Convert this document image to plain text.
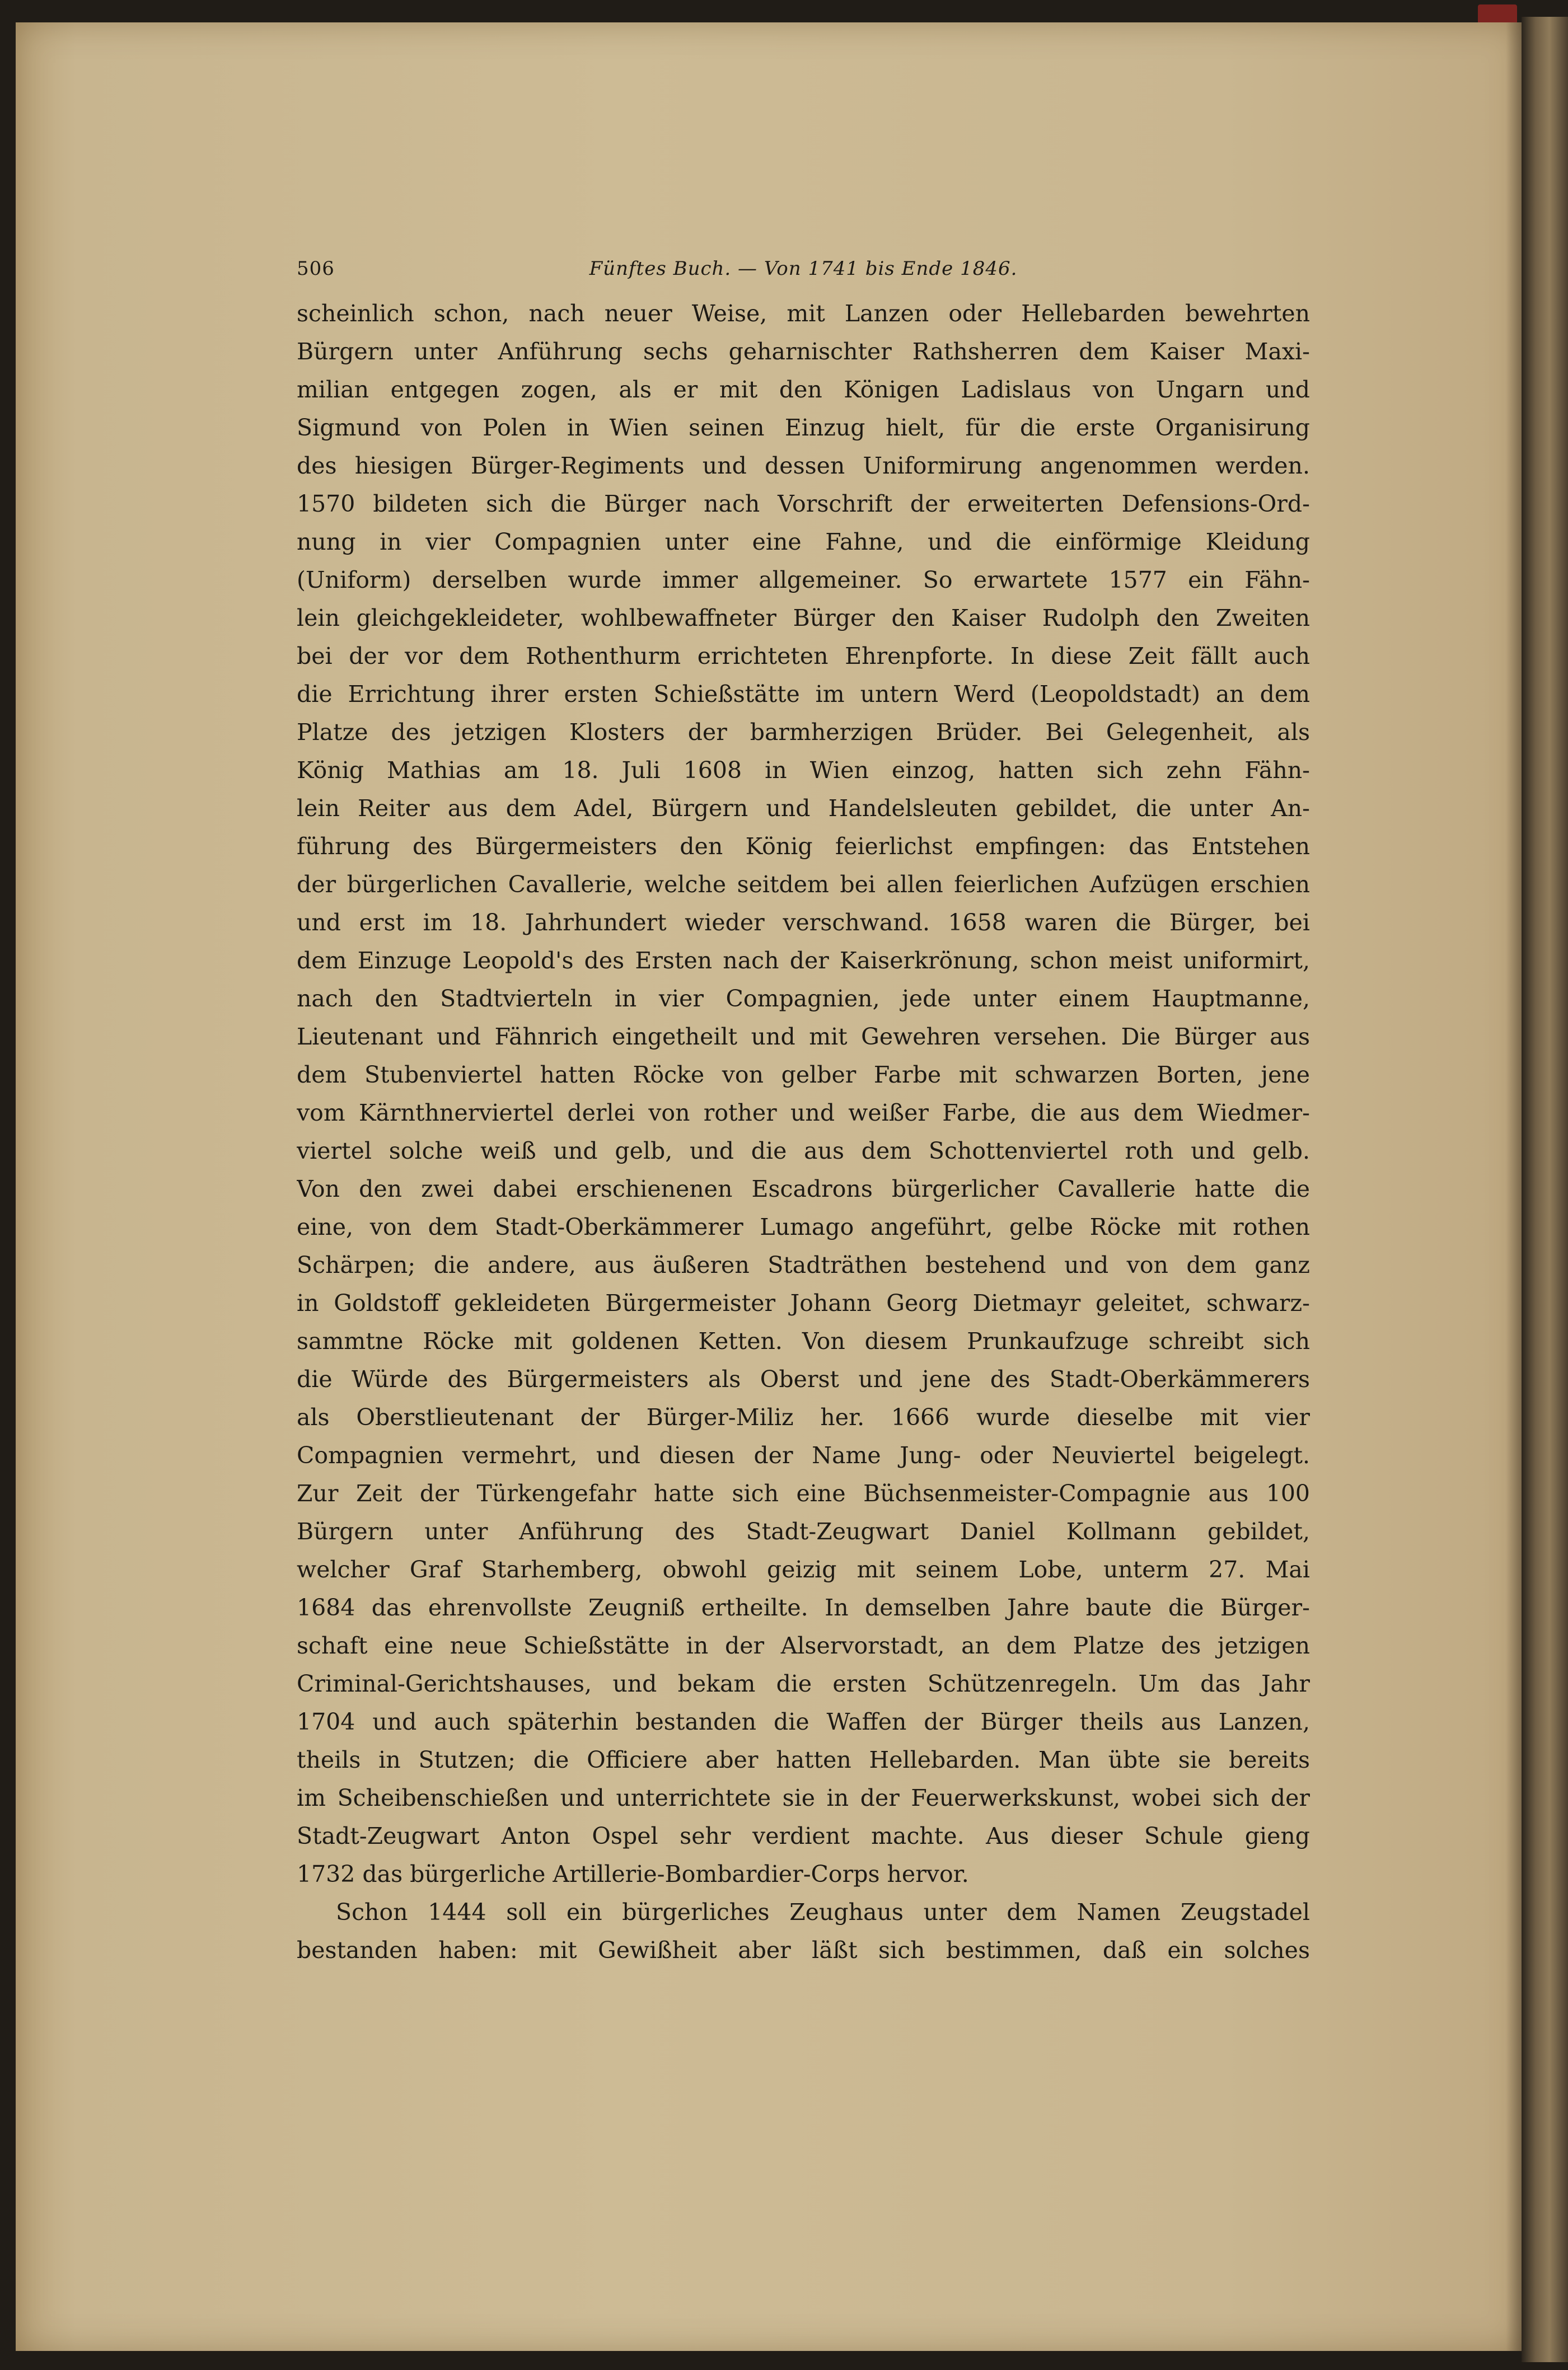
506	Fünftes Buch. — Von 1741 bis Ende 1846.
scheinlich schon, nach neuer Weise, mit Lanzen oder Hellebarden bewehrten
Bürgern unter Anführung sechs geharnischter Rathsherren dem Kaiser Maxi-
milian entgegen zogen, als er mit den Königen Ladislaus von Ungarn und
Sigmund von Polen in Wien seinen Einzug hielt, für die erste Organisirung
des hiesigen Bürger-Regiments und dessen Uniformirung angenommen werden.
1570 bildeten sich die Bürger nach Vorschrift der erweiterten Defensions-Ord-
nung in vier Compagnien unter eine Fahne, und die einförmige Kleidung
(Uniform) derselben wurde immer allgemeiner. So erwartete 1577 ein Fähn-
lein gleichgekleideter, wohlbewaffneter Bürger den Kaiser Rudolph den Zweiten
bei der vor dem Rothenthurm errichteten Ehrenpforte. In diese Zeit fällt auch
die Errichtung ihrer ersten Schießstätte im untern Werd (Leopoldstadt) an dem
Platze des jetzigen Klosters der barmherzigen Brüder. Bei Gelegenheit, als
König Mathias am 18. Juli 1608 in Wien einzog, hatten sich zehn Fähn-
lein Reiter aus dem Adel, Bürgern und Handelsleuten gebildet, die unter An-
führung des Bürgermeisters den König feierlichst empfingen: das Entstehen
der bürgerlichen Cavallerie, welche seitdem bei allen feierlichen Aufzügen erschien
und erst im 18. Jahrhundert wieder verschwand. 1658 waren die Bürger, bei
dem Einzuge Leopold's des Ersten nach der Kaiserkrönung, schon meist uniformirt,
nach den Stadtvierteln in vier Compagnien, jede unter einem Hauptmanne,
Lieutenant und Fähnrich eingetheilt und mit Gewehren versehen. Die Bürger aus
dem Stubenviertel hatten Röcke von gelber Farbe mit schwarzen Borten, jene
vom Kärnthnerviertel derlei von rother und weißer Farbe, die aus dem Wiedmer-
viertel solche weiß und gelb, und die aus dem Schottenviertel roth und gelb.
Von den zwei dabei erschienenen Escadrons bürgerlicher Cavallerie hatte die
eine, von dem Stadt-Oberkämmerer Lumago angeführt, gelbe Röcke mit rothen
Schärpen; die andere, aus äußeren Stadträthen bestehend und von dem ganz
in Goldstoff gekleideten Bürgermeister Johann Georg Dietmayr geleitet, schwarz-
sammtne Röcke mit goldenen Ketten. Von diesem Prunkaufzuge schreibt sich
die Würde des Bürgermeisters als Oberst und jene des Stadt-Oberkämmerers
als Oberstlieutenant der Bürger-Miliz her. 1666 wurde dieselbe mit vier
Compagnien vermehrt, und diesen der Name Jung- oder Neuviertel beigelegt.
Zur Zeit der Türkengefahr hatte sich eine Büchsenmeister-Compagnie aus 100
Bürgern unter Anführung des Stadt-Zeugwart Daniel Kollmann gebildet,
welcher Graf Starhemberg, obwohl geizig mit seinem Lobe, unterm 27. Mai
1684 das ehrenvollste Zeugniß ertheilte. In demselben Jahre baute die Bürger-
schaft eine neue Schießstätte in der Alservorstadt, an dem Platze des jetzigen
Criminal-Gerichtshauses, und bekam die ersten Schützenregeln. Um das Jahr
1704 und auch späterhin bestanden die Waffen der Bürger theils aus Lanzen,
theils in Stutzen; die Officiere aber hatten Hellebarden. Man übte sie bereits
im Scheibenschießen und unterrichtete sie in der Feuerwerkskunst, wobei sich der
Stadt-Zeugwart Anton Ospel sehr verdient machte. Aus dieser Schule gieng
1732 das bürgerliche Artillerie-Bombardier-Corps hervor.
Schon 1444 soll ein bürgerliches Zeughaus unter dem Namen Zeugstadel
bestanden haben: mit Gewißheit aber läßt sich bestimmen, daß ein solches
